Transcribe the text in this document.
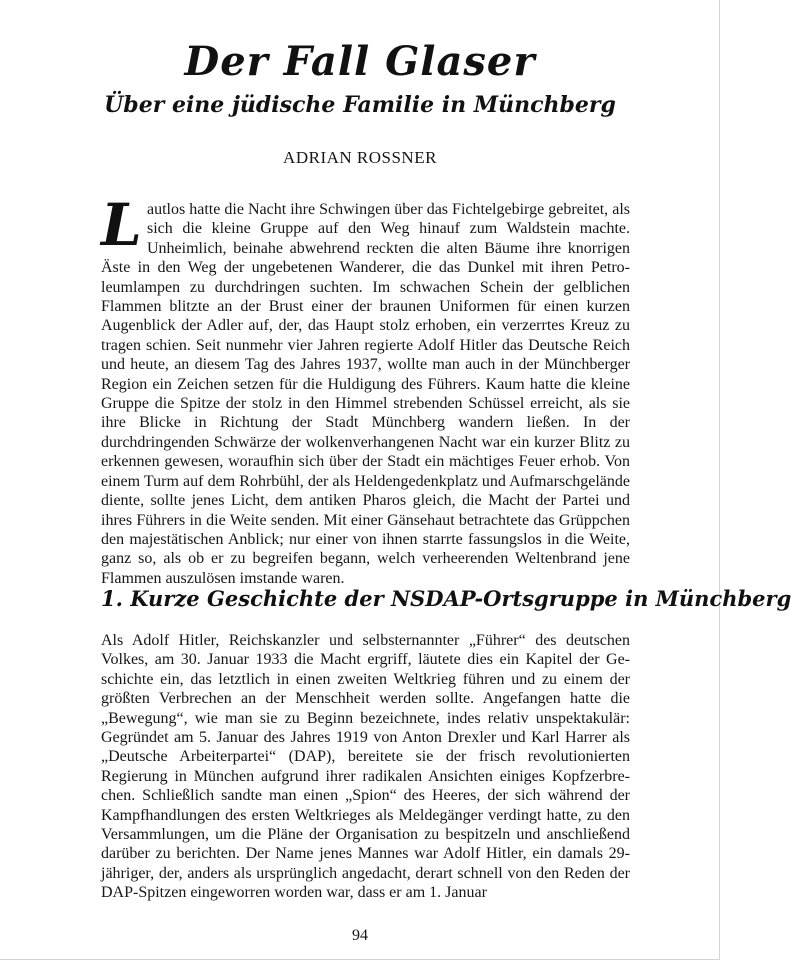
Der Fall Glaser
Über eine jüdische Familie in Münchberg
ADRIAN ROSSNER
Lautlos hatte die Nacht ihre Schwingen über das Fichtelgebirge gebreitet, als sich die kleine Gruppe auf den Weg hinauf zum Waldstein machte. Unheimlich, beinahe abwehrend reckten die alten Bäume ihre knorrigen Äste in den Weg der ungebetenen Wanderer, die das Dunkel mit ihren Petroleumlampen zu durchdringen suchten. Im schwachen Schein der gelblichen Flammen blitzte an der Brust einer der braunen Uniformen für einen kurzen Augenblick der Adler auf, der, das Haupt stolz erhoben, ein verzerrtes Kreuz zu tragen schien. Seit nunmehr vier Jahren regierte Adolf Hitler das Deutsche Reich und heute, an diesem Tag des Jahres 1937, wollte man auch in der Münchberger Region ein Zeichen setzen für die Huldigung des Führers. Kaum hatte die kleine Gruppe die Spitze der stolz in den Himmel strebenden Schüssel erreicht, als sie ihre Blicke in Richtung der Stadt Münchberg wandern ließen. In der durchdringenden Schwärze der wolkenverhangenen Nacht war ein kurzer Blitz zu erkennen gewesen, woraufhin sich über der Stadt ein mächtiges Feuer erhob. Von einem Turm auf dem Rohrbühl, der als Heldengedenkplatz und Aufmarschgelände diente, sollte jenes Licht, dem antiken Pharos gleich, die Macht der Partei und ihres Führers in die Weite senden. Mit einer Gänsehaut betrachtete das Grüppchen den majestätischen Anblick; nur einer von ihnen starrte fassungslos in die Weite, ganz so, als ob er zu begreifen begann, welch verheerenden Weltenbrand jene Flammen auszulösen imstande waren.
1. Kurze Geschichte der NSDAP-Ortsgruppe in Münchberg
Als Adolf Hitler, Reichskanzler und selbsternannter „Führer“ des deutschen Volkes, am 30. Januar 1933 die Macht ergriff, läutete dies ein Kapitel der Geschichte ein, das letztlich in einen zweiten Weltkrieg führen und zu einem der größten Verbrechen an der Menschheit werden sollte. Angefangen hatte die „Bewegung“, wie man sie zu Beginn bezeichnete, indes relativ unspektakulär: Gegründet am 5. Januar des Jahres 1919 von Anton Drexler und Karl Harrer als „Deutsche Arbeiterpartei“ (DAP), bereitete sie der frisch revolutionierten Regierung in München aufgrund ihrer radikalen Ansichten einiges Kopfzerbrechen. Schließlich sandte man einen „Spion“ des Heeres, der sich während der Kampfhandlungen des ersten Weltkrieges als Meldegänger verdingt hatte, zu den Versammlungen, um die Pläne der Organisation zu bespitzeln und anschließend darüber zu berichten. Der Name jenes Mannes war Adolf Hitler, ein damals 29-jähriger, der, anders als ursprünglich angedacht, derart schnell von den Reden der DAP-Spitzen eingeworren worden war, dass er am 1. Januar
94
